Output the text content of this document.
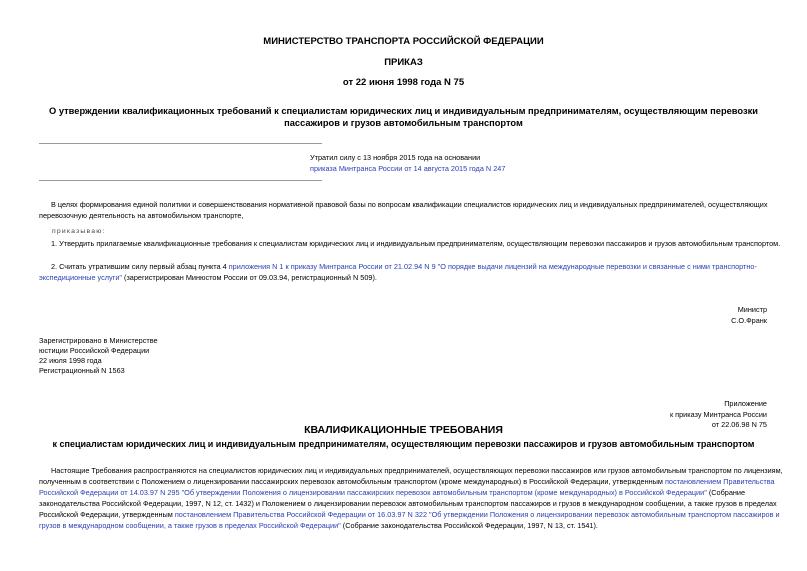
МИНИСТЕРСТВО ТРАНСПОРТА РОССИЙСКОЙ ФЕДЕРАЦИИ
ПРИКАЗ
от 22 июня 1998 года N 75
О утверждении квалификационных требований к специалистам юридических лиц и индивидуальным предпринимателям, осуществляющим перевозки
пассажиров и грузов автомобильным транспортом
Утратил силу с 13 ноября 2015 года на основании
приказа Минтранса России от 14 августа 2015 года N 247
В целях формирования единой политики и совершенствования нормативной правовой базы по вопросам квалификации специалистов юридических лиц и индивидуальных предпринимателей, осуществляющих
перевозочную деятельность на автомобильном транспорте,
приказываю:
1. Утвердить прилагаемые квалификационные требования к специалистам юридических лиц и индивидуальным предпринимателям, осуществляющим перевозки пассажиров и грузов автомобильным транспортом.
2. Считать утратившим силу первый абзац пункта 4 приложения N 1 к приказу Минтранса России от 21.02.94 N 9 "О порядке выдачи лицензий на международные перевозки и связанные с ними транспортно-
экспедиционные услуги" (зарегистрирован Минюстом России от 09.03.94, регистрационный N 509).
Министр
С.О.Франк
Зарегистрировано в Министерстве
юстиции Российской Федерации
22 июля 1998 года
Регистрационный N 1563
Приложение
к приказу Минтранса России
от 22.06.98 N 75
КВАЛИФИКАЦИОННЫЕ ТРЕБОВАНИЯ
к специалистам юридических лиц и индивидуальным предпринимателям, осуществляющим перевозки пассажиров и грузов автомобильным транспортом
Настоящие Требования распространяются на специалистов юридических лиц и индивидуальных предпринимателей, осуществляющих перевозки пассажиров или грузов автомобильным транспортом по лицензиям,
полученным в соответствии с Положением о лицензировании пассажирских перевозок автомобильным транспортом (кроме международных) в Российской Федерации, утвержденным постановлением Правительства
Российской Федерации от 14.03.97 N 295 "Об утверждении Положения о лицензировании пассажирских перевозок автомобильным транспортом (кроме международных) в Российской Федерации" (Собрание
законодательства Российской Федерации, 1997, N 12, ст. 1432) и Положением о лицензировании перевозок автомобильным транспортом пассажиров и грузов в международном сообщении, а также грузов в пределах
Российской Федерации, утвержденным постановлением Правительства Российской Федерации от 16.03.97 N 322 "Об утверждении Положения о лицензировании перевозок автомобильным транспортом пассажиров и
грузов в международном сообщении, а также грузов в пределах Российской Федерации" (Собрание законодательства Российской Федерации, 1997, N 13, ст. 1541).
